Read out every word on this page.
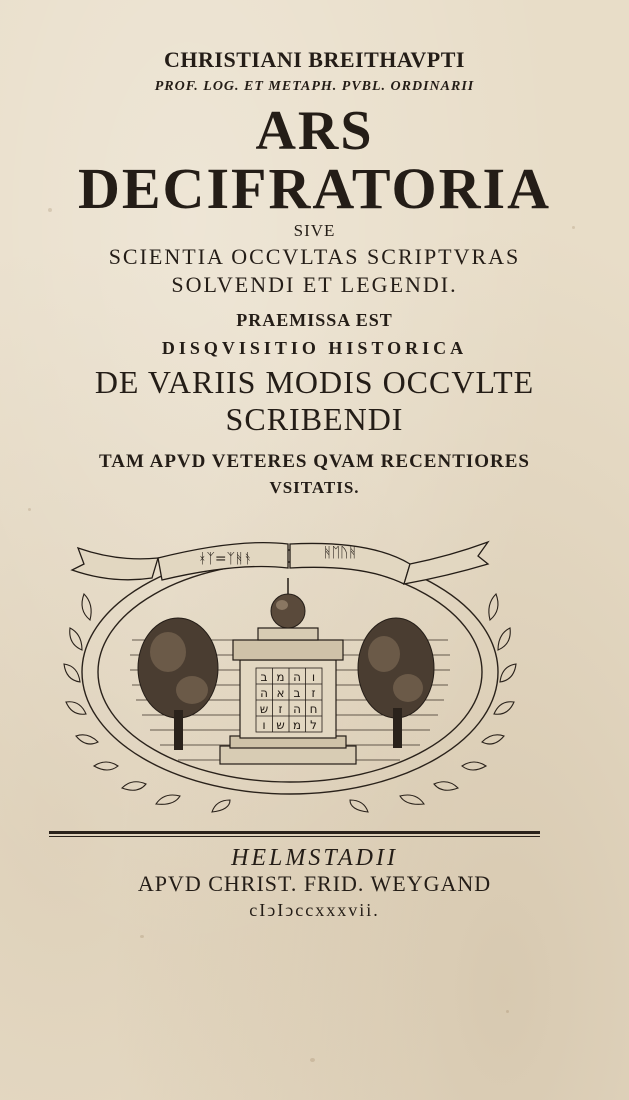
CHRISTIANI BREITHAVPTI
PROF. LOG. ET METAPH. PVBL. ORDINARII
ARS
DECIFRATORIA
SIVE
SCIENTIA OCCVLTAS SCRIPTVRAS
SOLVENDI ET LEGENDI.
PRAEMISSA EST
DISQVISITIO HISTORICA
DE VARIIS MODIS OCCVLTE
SCRIBENDI
TAM APVD VETERES QVAM RECENTIORES
VSITATIS.
ב מ ה ו
ה א ב ז
ש ז ה ח
ו ש מ ל
ᚼᛉ=ᛉᚻᚬ	ᚻᛖᚢᚻ
HELMSTADII
APVD CHRIST. FRID. WEYGAND
cIↄIↄccxxxvii.
